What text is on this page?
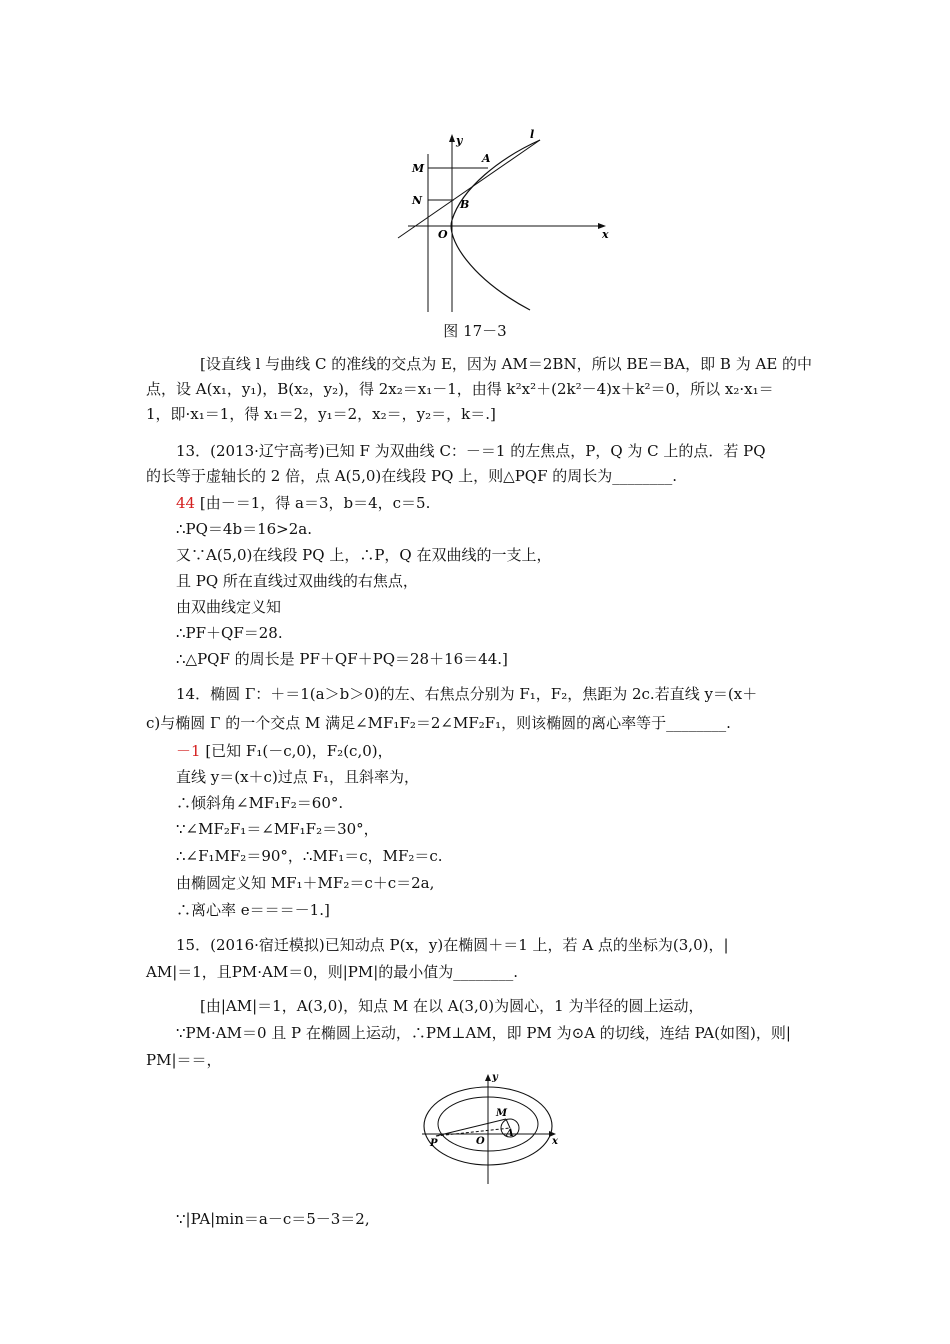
y	l
M
A
N	B
O	x
图 17－3
[设直线 l 与曲线 C 的准线的交点为 E，因为 AM＝2BN，所以 BE＝BA，即 B 为 AE 的中
点，设 A(x₁，y₁)，B(x₂，y₂)，得 2x₂＝x₁－1，由得 k²x²＋(2k²－4)x＋k²＝0，所以 x₂·x₁＝
1，即·x₁＝1，得 x₁＝2，y₁＝2，x₂＝，y₂＝，k＝.]
13．(2013·辽宁高考)已知 F 为双曲线 C：－＝1 的左焦点，P，Q 为 C 上的点．若 PQ
的长等于虚轴长的 2 倍，点 A(5,0)在线段 PQ 上，则△PQF 的周长为________.
44 [由－＝1，得 a＝3，b＝4，c＝5.
∴PQ＝4b＝16>2a.
又∵A(5,0)在线段 PQ 上，∴P，Q 在双曲线的一支上，
且 PQ 所在直线过双曲线的右焦点，
由双曲线定义知
∴PF＋QF＝28.
∴△PQF 的周长是 PF＋QF＋PQ＝28＋16＝44.]
14．椭圆 Γ：＋＝1(a＞b＞0)的左、右焦点分别为 F₁，F₂，焦距为 2c.若直线 y＝(x＋
c)与椭圆 Γ 的一个交点 M 满足∠MF₁F₂＝2∠MF₂F₁，则该椭圆的离心率等于________.
－1 [已知 F₁(－c,0)，F₂(c,0)，
直线 y＝(x＋c)过点 F₁，且斜率为，
∴倾斜角∠MF₁F₂＝60°.
∵∠MF₂F₁＝∠MF₁F₂＝30°，
∴∠F₁MF₂＝90°，∴MF₁＝c，MF₂＝c.
由椭圆定义知 MF₁＋MF₂＝c＋c＝2a,
∴离心率 e＝＝＝－1.]
15．(2016·宿迁模拟)已知动点 P(x，y)在椭圆＋＝1 上，若 A 点的坐标为(3,0)，|
AM|＝1，且PM·AM＝0，则|PM|的最小值为________.
[由|AM|＝1，A(3,0)，知点 M 在以 A(3,0)为圆心，1 为半径的圆上运动，
∵PM·AM＝0 且 P 在椭圆上运动，∴PM⊥AM，即 PM 为⊙A 的切线，连结 PA(如图)，则|
PM|＝＝，
y
M
P	O
A
x
∵|PA|min＝a－c＝5－3＝2,
